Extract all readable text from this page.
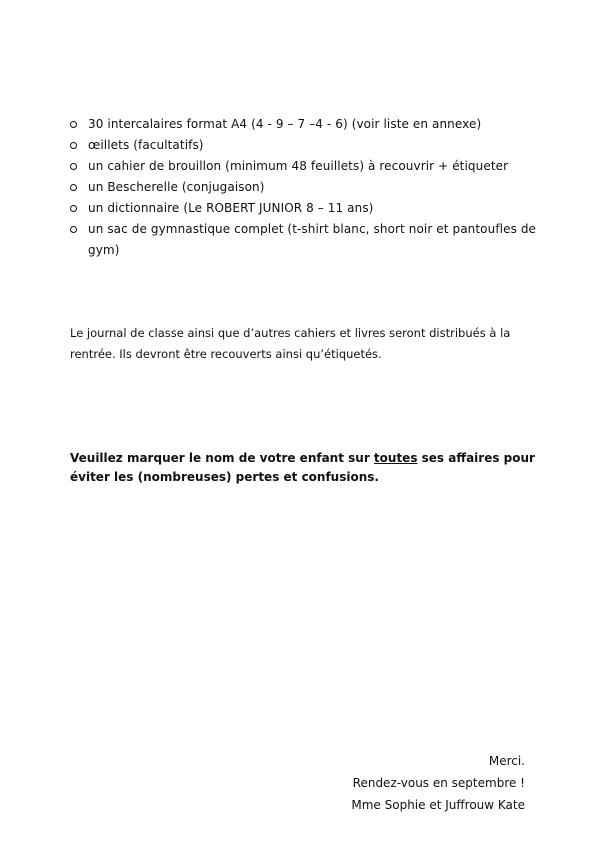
30 intercalaires format A4 (4 - 9 – 7 –4 - 6) (voir liste en annexe)
œillets (facultatifs)
un cahier de brouillon (minimum 48 feuillets) à recouvrir + étiqueter
un Bescherelle (conjugaison)
un dictionnaire (Le ROBERT JUNIOR 8 – 11 ans)
un sac de gymnastique complet (t-shirt blanc, short noir et pantoufles de gym)

Le journal de classe ainsi que d’autres cahiers et livres seront distribués à la rentrée. Ils devront être recouverts ainsi qu’étiquetés.

Veuillez marquer le nom de votre enfant sur toutes ses affaires pour éviter les (nombreuses) pertes et confusions.

Merci.
Rendez-vous en septembre !
Mme Sophie et Juffrouw Kate
